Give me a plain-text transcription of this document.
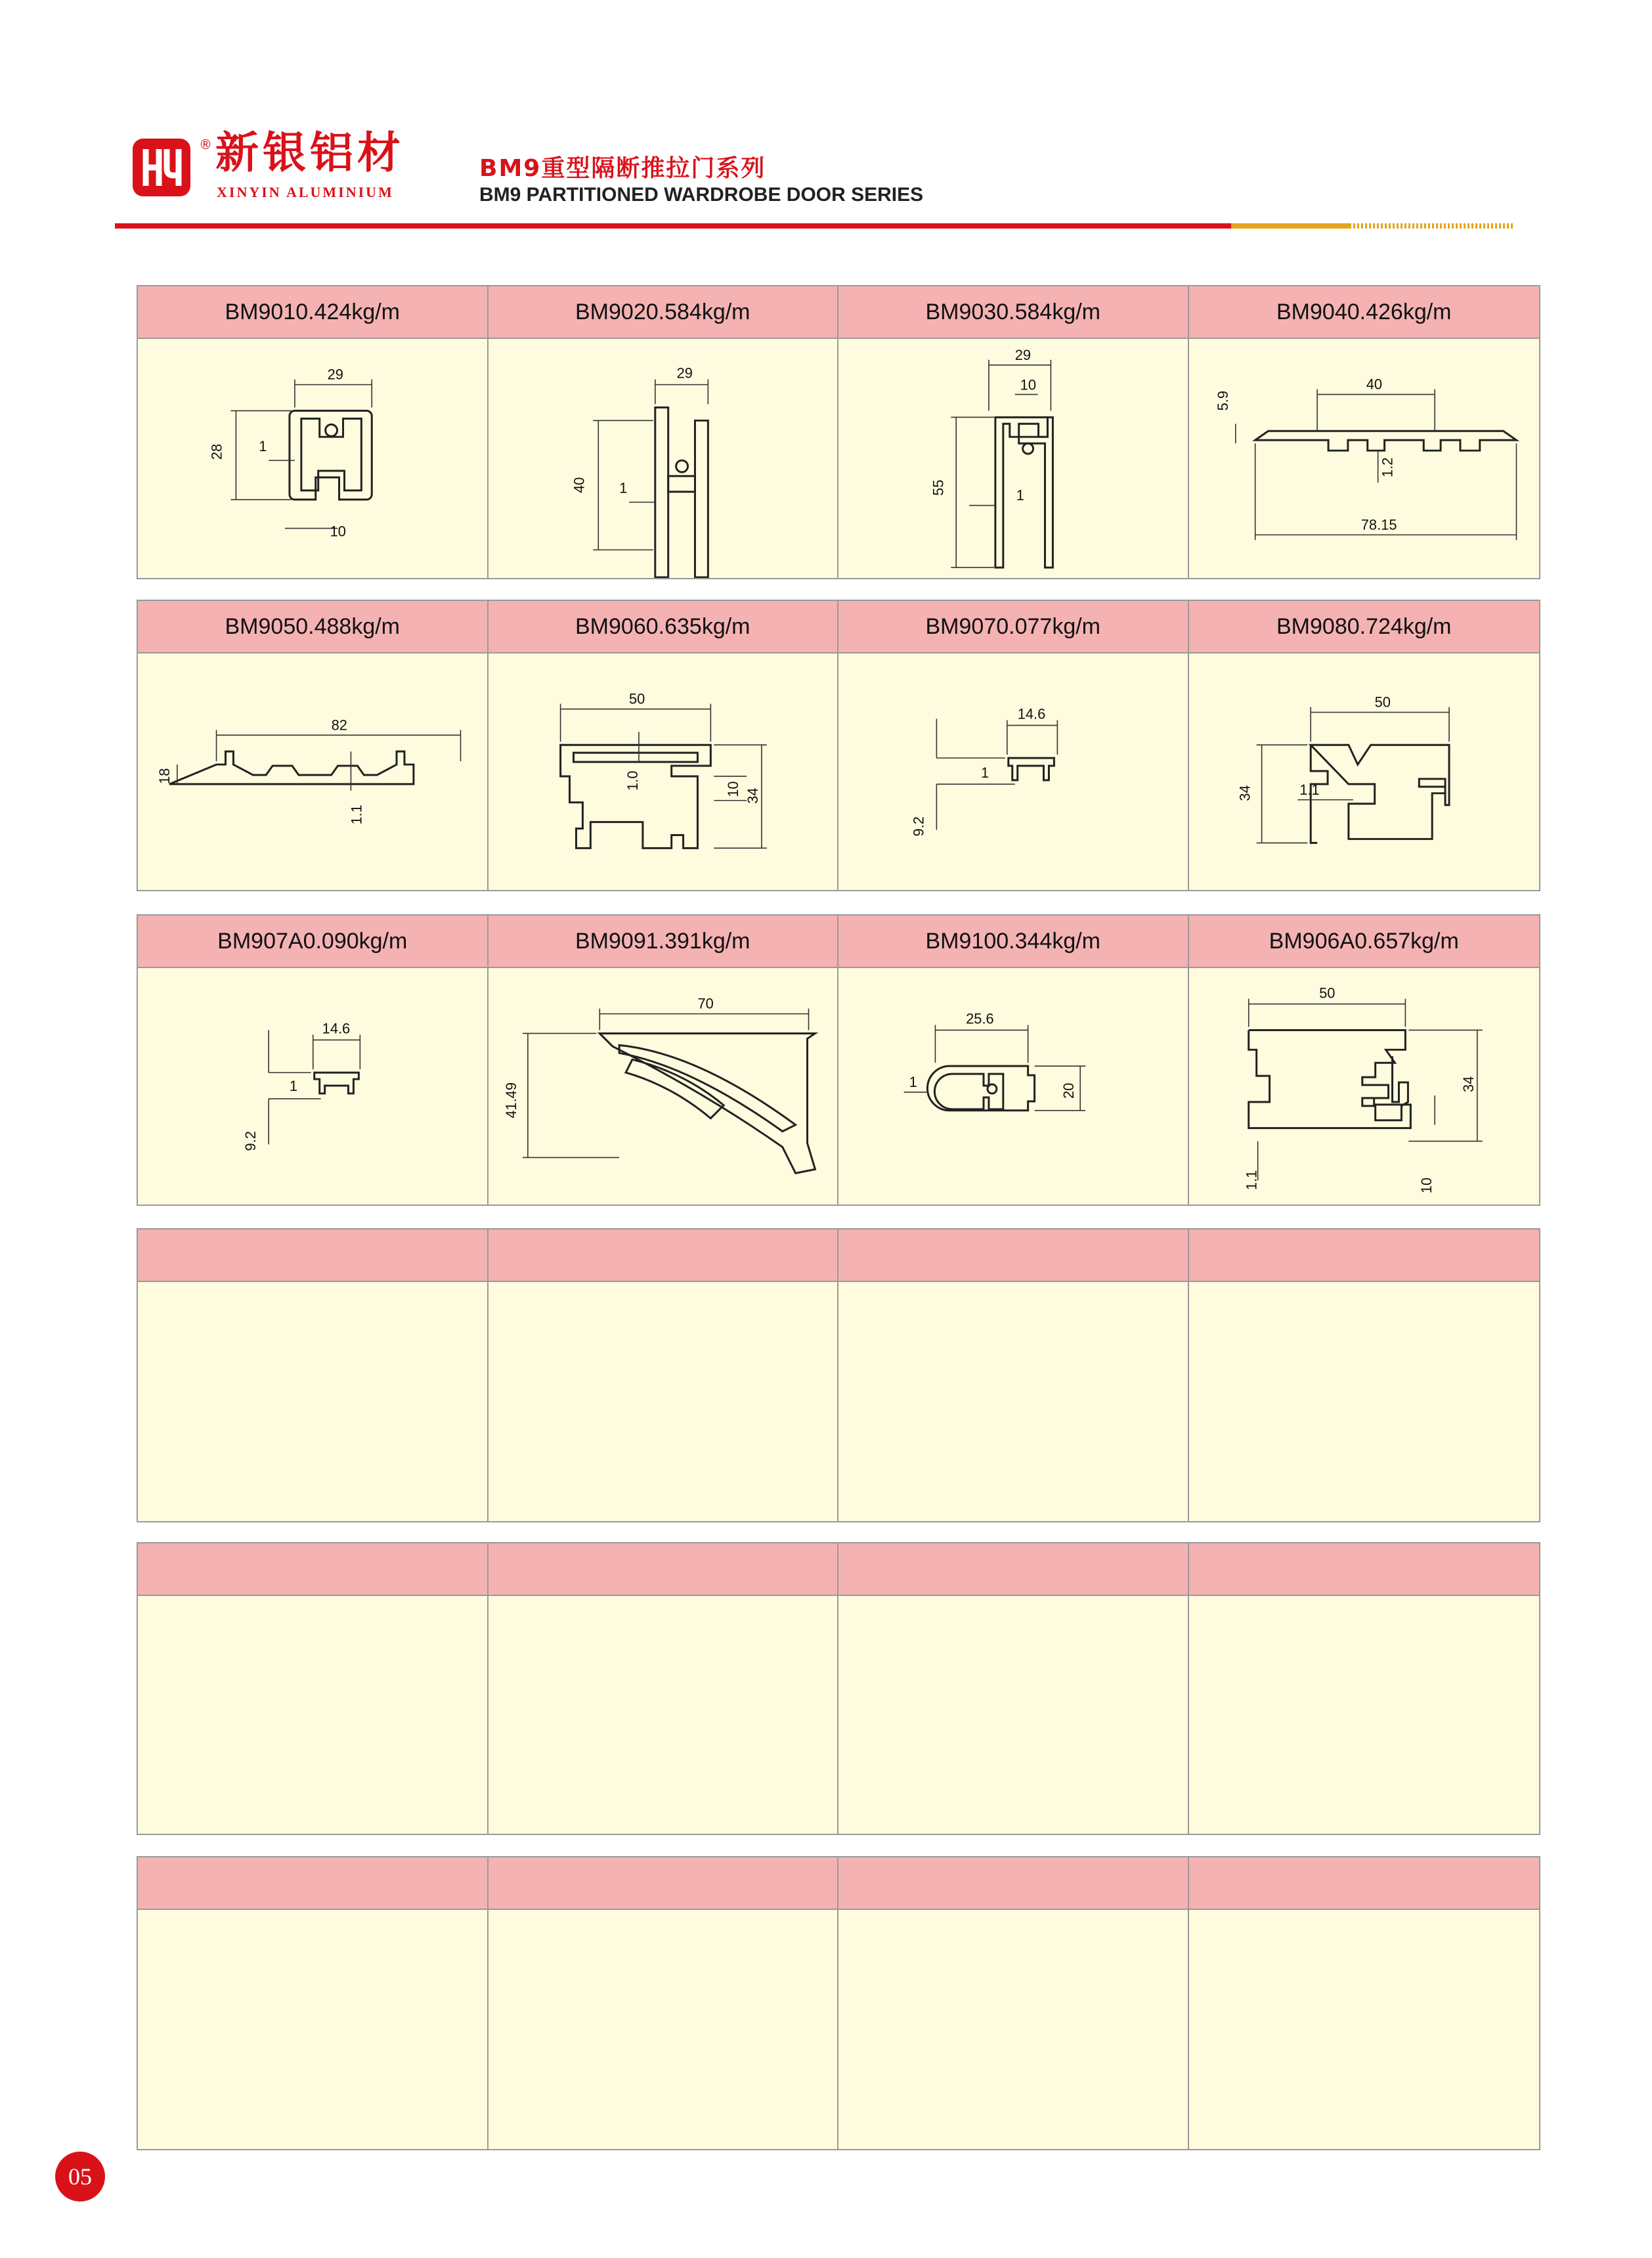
® 新银铝材
XINYIN ALUMINIUM
BM9重型隔断推拉门系列
BM9 PARTITIONED WARDROBE DOOR SERIES
BM901 0.424kg/m	BM902 0.584kg/m	BM903 0.584kg/m	BM904 0.426kg/m
29
28 1
10
29
40 1
29
10
55	1
5.9
40
1.2
78.15
BM905 0.488kg/m	BM906 0.635kg/m	BM907 0.077kg/m	BM908 0.724kg/m
82
18
1.1
50
1.0	10 34
14.6
1
9.2
50
34	1.1
BM907A 0.090kg/m	BM909 1.391kg/m	BM910 0.344kg/m	BM906A 0.657kg/m
14.6
1
9.2
70
41.49
25.6
1
20
50
34
1.1	10
05
